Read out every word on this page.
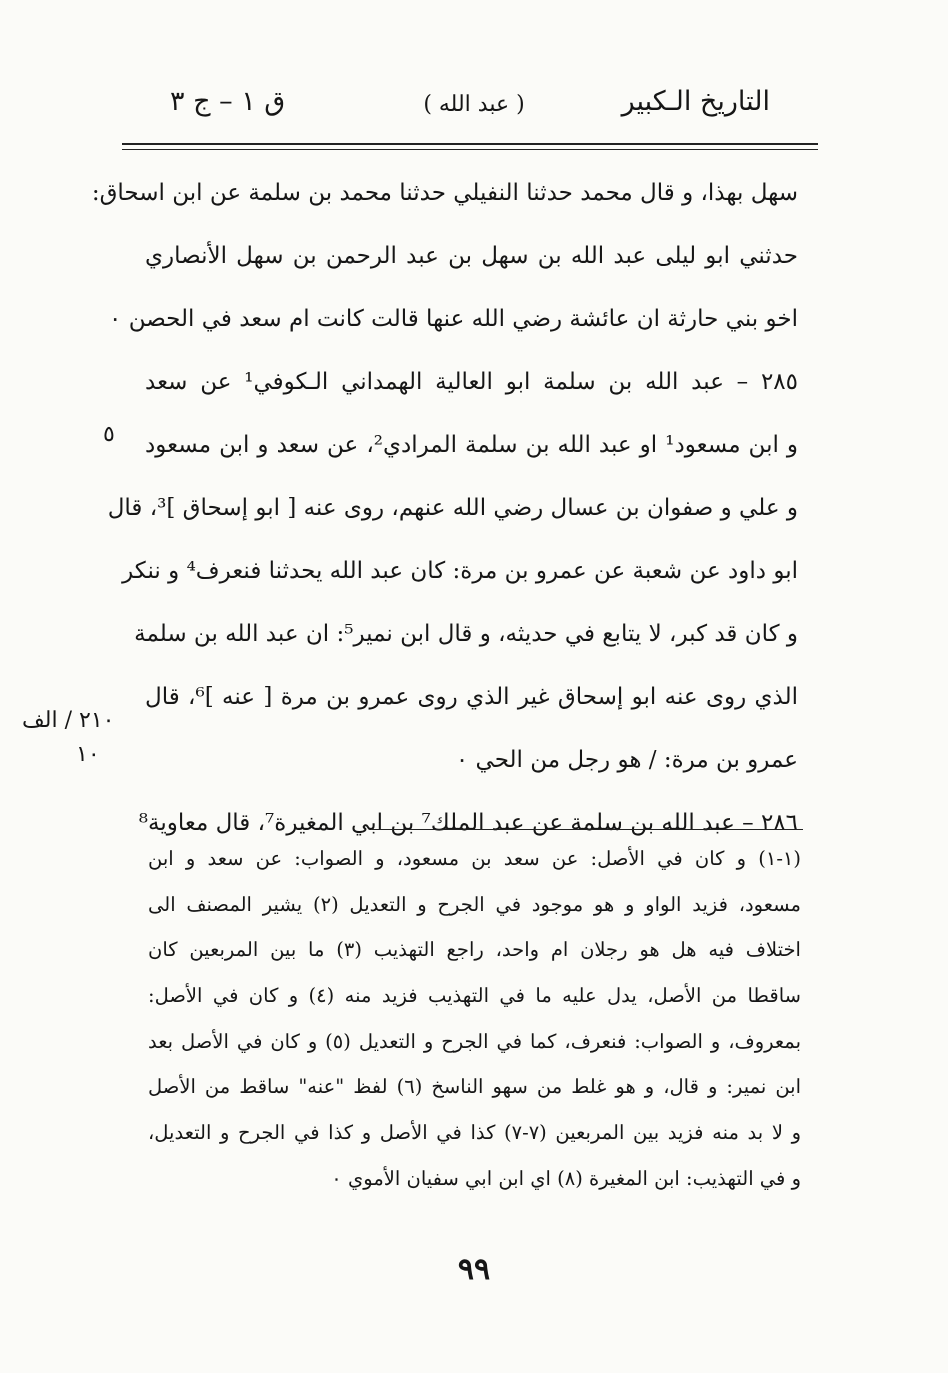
التاريخ الـكبير
( عبد الله )
ق ١ – ج ٣
سهل بهذا، و قال محمد حدثنا النفيلي حدثنا محمد بن سلمة عن ابن اسحاق:
حدثني ابو ليلى عبد الله بن سهل بن عبد الرحمن بن سهل الأنصاري
اخو بني حارثة ان عائشة رضي الله عنها قالت كانت ام سعد في الحصن ٠
٢٨٥ – عبد الله بن سلمة ابو العالية الهمداني الـكوفي¹ عن سعد
و ابن مسعود¹ او عبد الله بن سلمة المرادي²، عن سعد و ابن مسعود
و علي و صفوان بن عسال رضي الله عنهم، روى عنه [ ابو إسحاق ]³، قال
ابو داود عن شعبة عن عمرو بن مرة: كان عبد الله يحدثنا فنعرف⁴ و ننكر
و كان قد كبر، لا يتابع في حديثه، و قال ابن نمير⁵: ان عبد الله بن سلمة
الذي روى عنه ابو إسحاق غير الذي روى عمرو بن مرة [ عنه ]⁶، قال
عمرو بن مرة: / هو رجل من الحي ٠
٢٨٦ – عبد الله بن سلمة عن عبد الملك⁷ بن ابي المغيرة⁷، قال معاوية⁸
٥
٢١٠ / الف
١٠
(١-١) و كان في الأصل: عن سعد بن مسعود، و الصواب: عن سعد و ابن
مسعود، فزيد الواو و هو موجود في الجرح و التعديل (٢) يشير المصنف الى
اختلاف فيه هل هو رجلان ام واحد، راجع التهذيب (٣) ما بين المربعين كان
ساقطا من الأصل، يدل عليه ما في التهذيب فزيد منه (٤) و كان في الأصل:
بمعروف، و الصواب: فنعرف، كما في الجرح و التعديل (٥) و كان في الأصل بعد
ابن نمير: و قال، و هو غلط من سهو الناسخ (٦) لفظ "عنه" ساقط من الأصل
و لا بد منه فزيد بين المربعين (٧-٧) كذا في الأصل و كذا في الجرح و التعديل،
و في التهذيب: ابن المغيرة (٨) اي ابن ابي سفيان الأموي ٠
٩٩
